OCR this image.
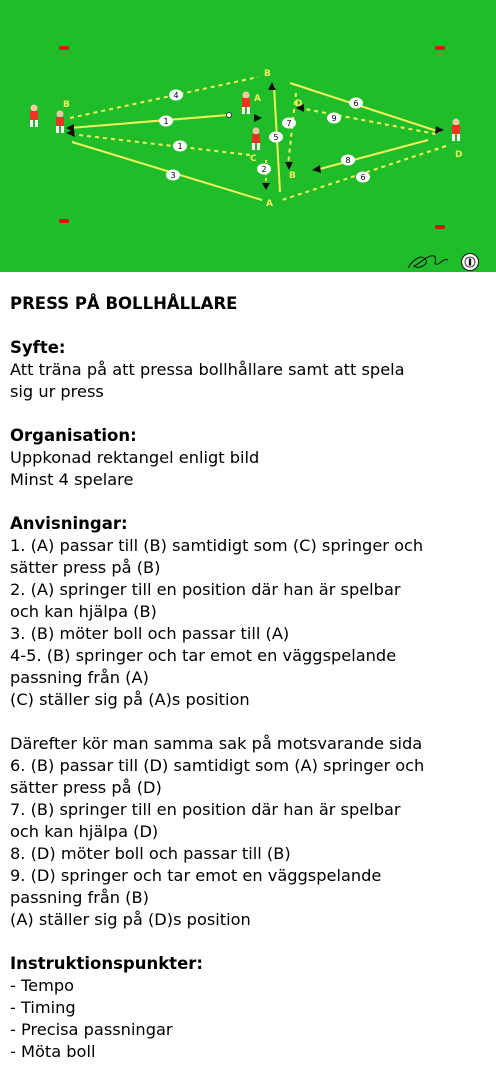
B
A
C
B
A
D
B
D
4
1
1
3
5
2
7
6
9
8
6
PRESS PÅ BOLLHÅLLARE
Syfte:

Att träna på att pressa bollhållare samt att spela

sig ur press

Organisation:

Uppkonad rektangel enligt bild

Minst 4 spelare

Anvisningar:

1. (A) passar till (B) samtidigt som (C) springer och

sätter press på (B)

2. (A) springer till en position där han är spelbar

och kan hjälpa (B)

3. (B) möter boll och passar till (A)

4-5. (B) springer och tar emot en väggspelande

passning från (A)

(C) ställer sig på (A)s position

Därefter kör man samma sak på motsvarande sida

6. (B) passar till (D) samtidigt som (A) springer och

sätter press på (D)

7. (B) springer till en position där han är spelbar

och kan hjälpa (D)

8. (D) möter boll och passar till (B)

9. (D) springer och tar emot en väggspelande

passning från (B)

(A) ställer sig på (D)s position

Instruktionspunkter:
- Tempo
- Timing
- Precisa passningar
- Möta boll
